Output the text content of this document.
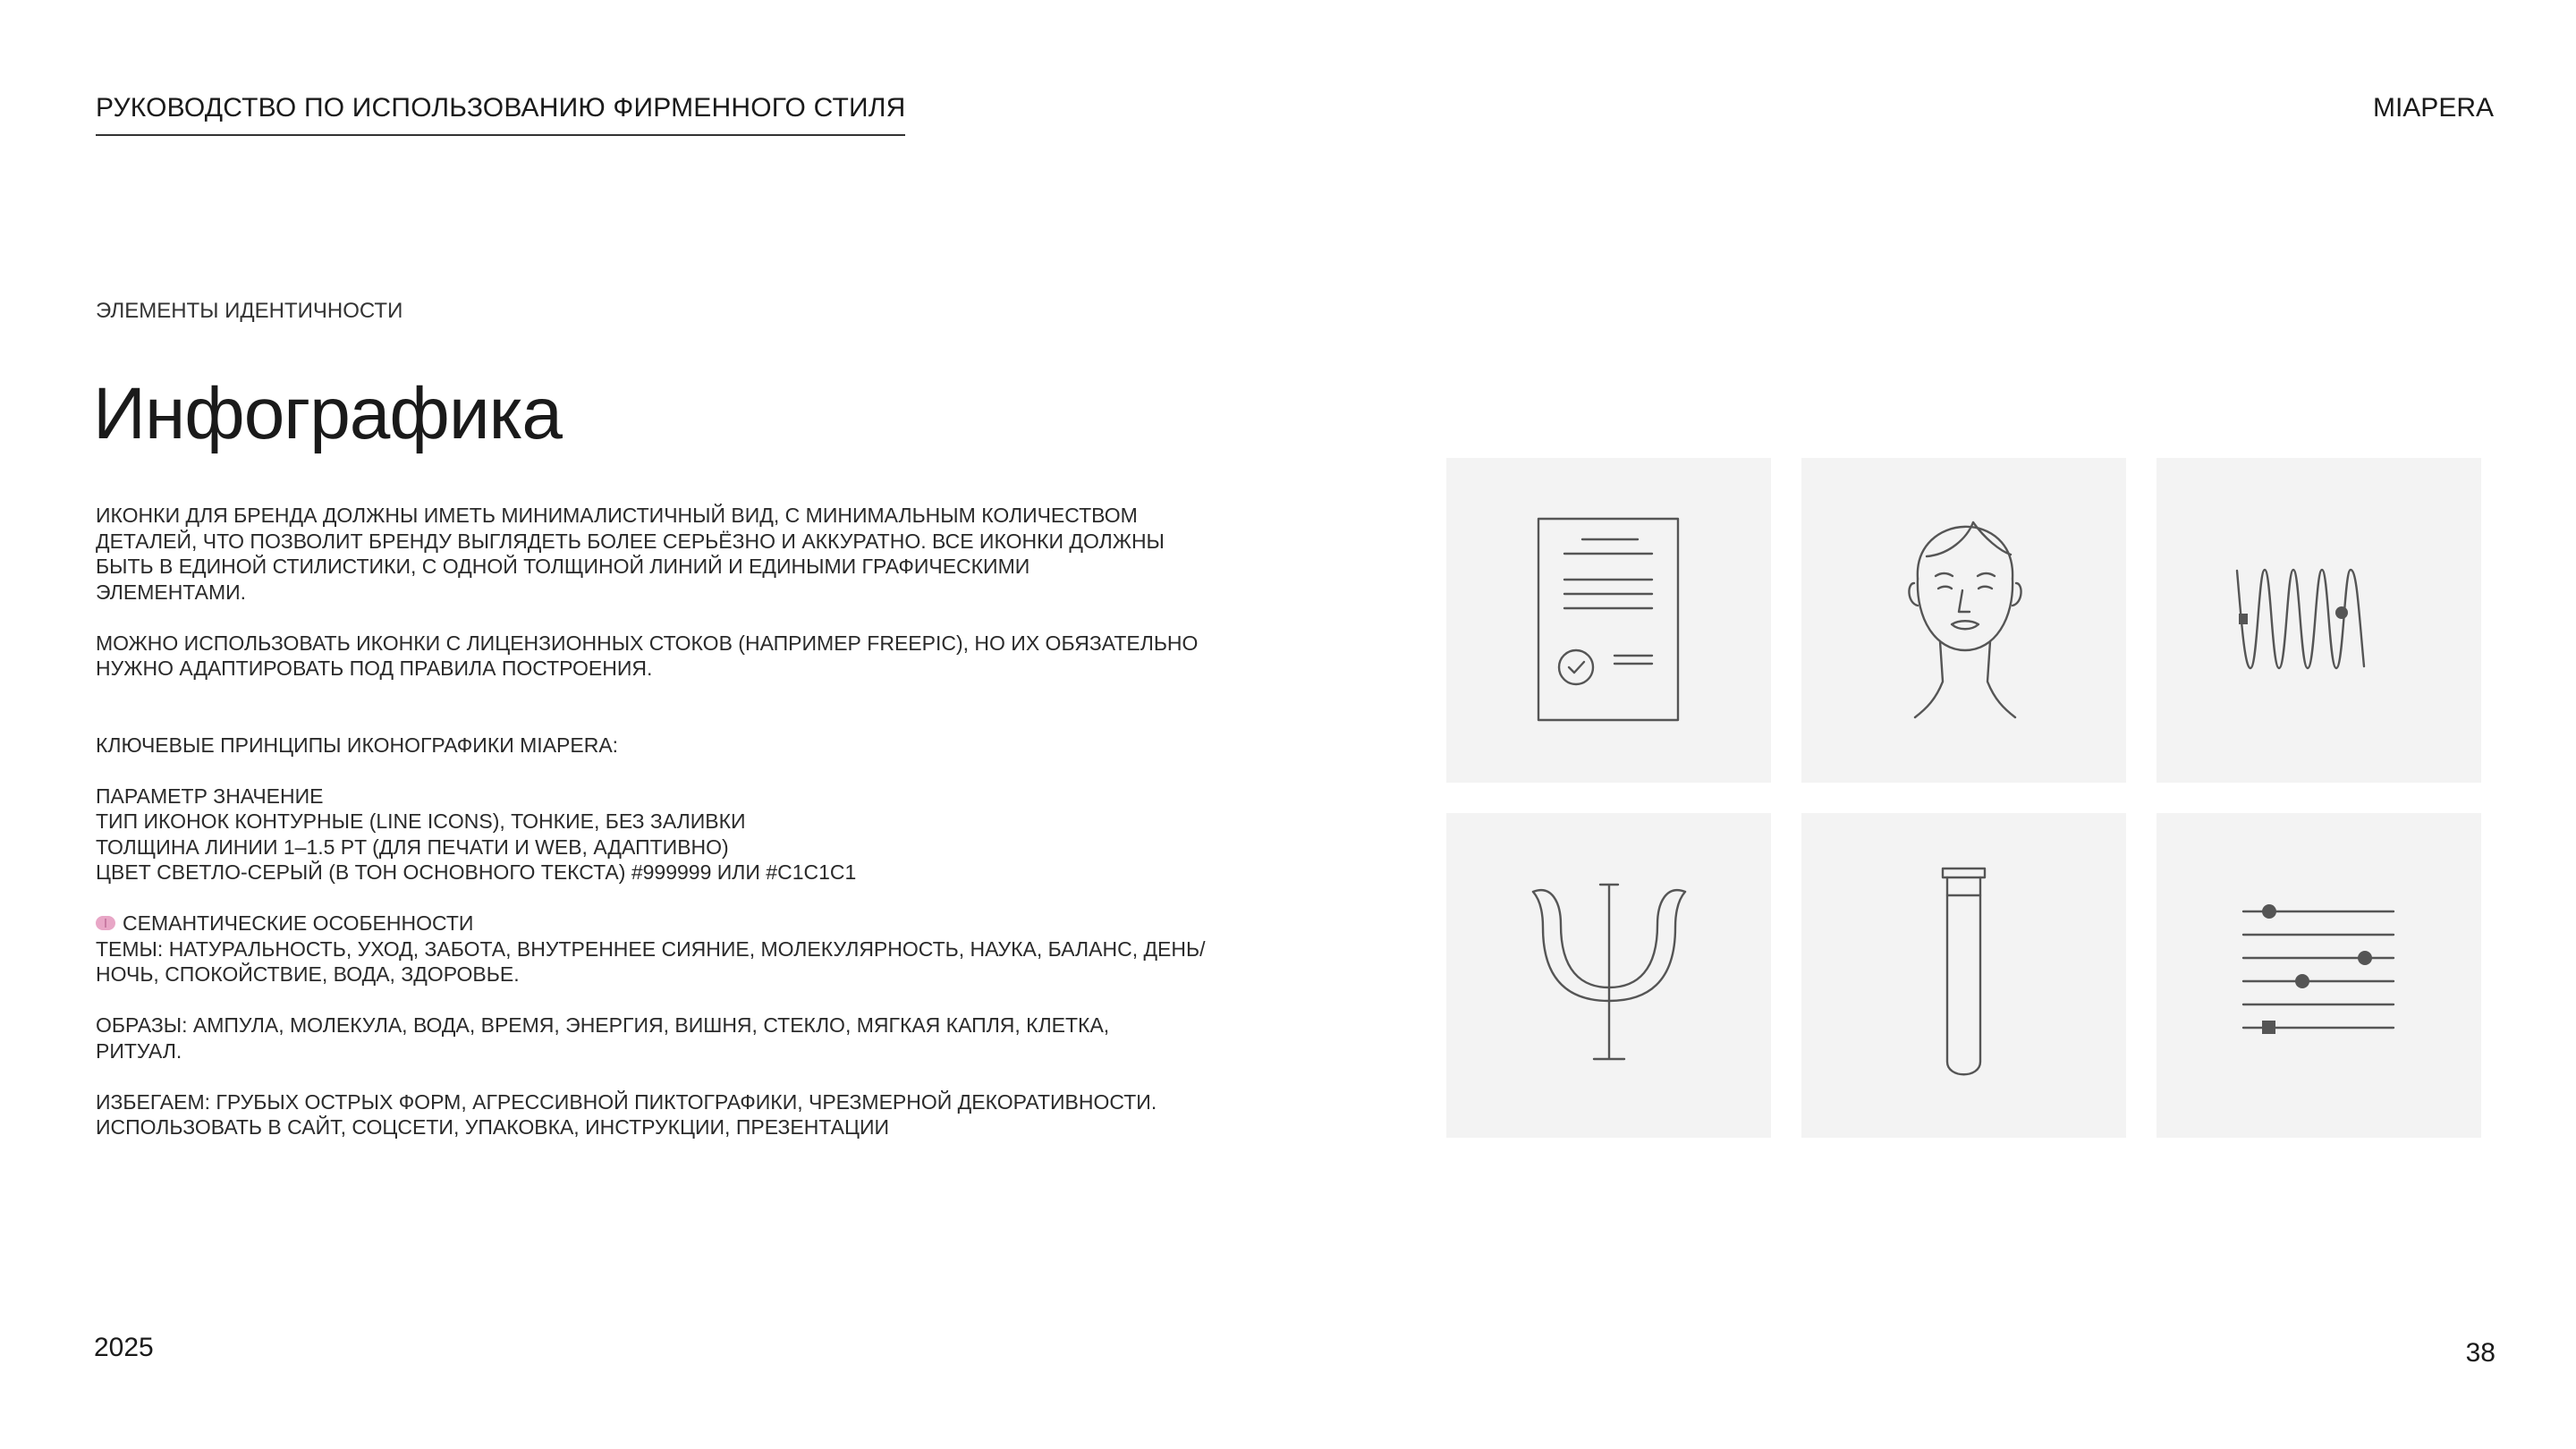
РУКОВОДСТВО ПО ИСПОЛЬЗОВАНИЮ ФИРМЕННОГО СТИЛЯ	MIAPERA
ЭЛЕМЕНТЫ ИДЕНТИЧНОСТИ
Инфографика

ИКОНКИ ДЛЯ БРЕНДА ДОЛЖНЫ ИМЕТЬ МИНИМАЛИСТИЧНЫЙ ВИД, С МИНИМАЛЬНЫМ КОЛИЧЕСТВОМ
ДЕТАЛЕЙ, ЧТО ПОЗВОЛИТ БРЕНДУ ВЫГЛЯДЕТЬ БОЛЕЕ СЕРЬЁЗНО И АККУРАТНО. ВСЕ ИКОНКИ ДОЛЖНЫ
БЫТЬ В ЕДИНОЙ СТИЛИСТИКИ, С ОДНОЙ ТОЛЩИНОЙ ЛИНИЙ И ЕДИНЫМИ ГРАФИЧЕСКИМИ
ЭЛЕМЕНТАМИ.

МОЖНО ИСПОЛЬЗОВАТЬ ИКОНКИ С ЛИЦЕНЗИОННЫХ СТОКОВ (НАПРИМЕР FREEPIC), НО ИХ ОБЯЗАТЕЛЬНО
НУЖНО АДАПТИРОВАТЬ ПОД ПРАВИЛА ПОСТРОЕНИЯ.

КЛЮЧЕВЫЕ ПРИНЦИПЫ ИКОНОГРАФИКИ MIAPERA:

ПАРАМЕТР ЗНАЧЕНИЕ

ТИП ИКОНОК КОНТУРНЫЕ (LINE ICONS), ТОНКИЕ, БЕЗ ЗАЛИВКИ

ТОЛЩИНА ЛИНИИ 1–1.5 PT (ДЛЯ ПЕЧАТИ И WEB, АДАПТИВНО)

ЦВЕТ СВЕТЛО-СЕРЫЙ (В ТОН ОСНОВНОГО ТЕКСТА) #999999 ИЛИ #C1C1C1

СЕМАНТИЧЕСКИЕ ОСОБЕННОСТИ

ТЕМЫ: НАТУРАЛЬНОСТЬ, УХОД, ЗАБОТА, ВНУТРЕННЕЕ СИЯНИЕ, МОЛЕКУЛЯРНОСТЬ, НАУКА, БАЛАНС, ДЕНЬ/
НОЧЬ, СПОКОЙСТВИЕ, ВОДА, ЗДОРОВЬЕ.

ОБРАЗЫ: АМПУЛА, МОЛЕКУЛА, ВОДА, ВРЕМЯ, ЭНЕРГИЯ, ВИШНЯ, СТЕКЛО, МЯГКАЯ КАПЛЯ, КЛЕТКА,
РИТУАЛ.

ИЗБЕГАЕМ: ГРУБЫХ ОСТРЫХ ФОРМ, АГРЕССИВНОЙ ПИКТОГРАФИКИ, ЧРЕЗМЕРНОЙ ДЕКОРАТИВНОСТИ.

ИСПОЛЬЗОВАТЬ В САЙТ, СОЦСЕТИ, УПАКОВКА, ИНСТРУКЦИИ, ПРЕЗЕНТАЦИИ

2025	38
